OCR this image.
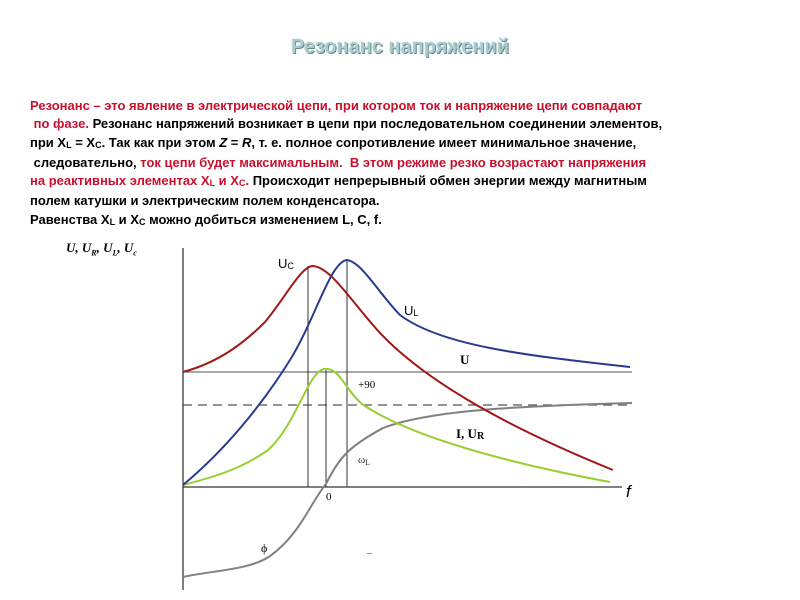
Резонанс напряжений
Резонанс – это явление в электрической цепи, при котором ток и напряжение цепи совпадают
по фазе. Резонанс напряжений возникает в цепи при последовательном соединении элементов,
при $X_L = X_C$. Так как при этом Z = R, т. е. полное сопротивление имеет минимальное значение,
следовательно, ток цепи будет максимальным. В этом режиме резко возрастают напряжения
на реактивных элементах $X_L$ и $X_C$. Происходит непрерывный обмен энергии между магнитным
полем катушки и электрическим полем конденсатора.
Равенства $X_L$ и $X_C$ можно добиться изменением L, C, f.
U, $U_R$, $U_L$, $U_c$
UC
UL
U
+90
I, UR
ωL
0
ϕ	–
f
